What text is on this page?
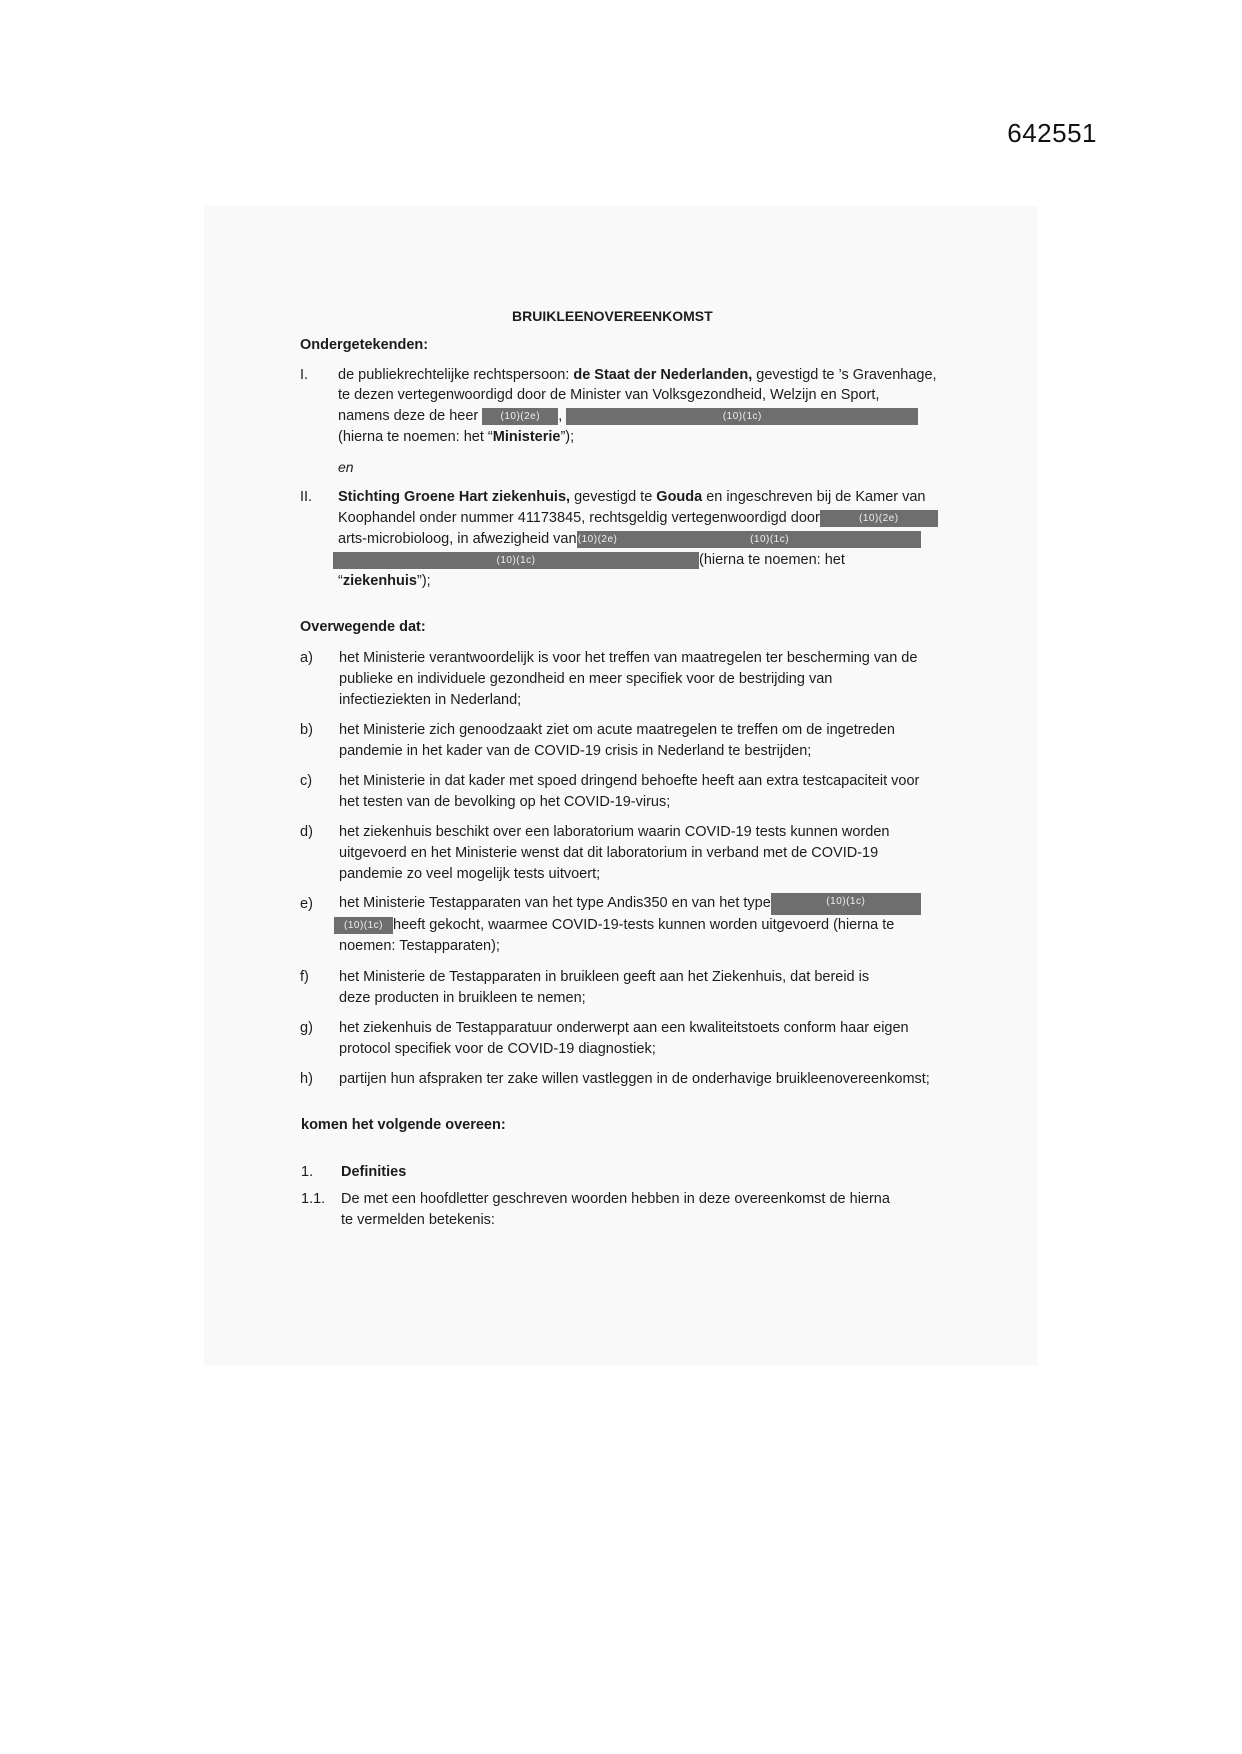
642551
BRUIKLEENOVEREENKOMST
Ondergetekenden:
I. de publiekrechtelijke rechtspersoon: de Staat der Nederlanden, gevestigd te ’s Gravenhage,
te dezen vertegenwoordigd door de Minister van Volksgezondheid, Welzijn en Sport,
namens deze de heer (10)(2e) ,	(10)(1c)
(hierna te noemen: het “Ministerie”);
en
II. Stichting Groene Hart ziekenhuis, gevestigd te Gouda en ingeschreven bij de Kamer van
Koophandel onder nummer 41173845, rechtsgeldig vertegenwoordigd door	(10)(2e)
arts-microbioloog, in afwezigheid van(10)(2e)	(10)(1c)
(10)(1c)	(hierna te noemen: het
“ziekenhuis”);
Overwegende dat:
a) het Ministerie verantwoordelijk is voor het treffen van maatregelen ter bescherming van de publieke en individuele gezondheid en meer specifiek voor de bestrijding van infectieziekten in Nederland;
b) het Ministerie zich genoodzaakt ziet om acute maatregelen te treffen om de ingetreden pandemie in het kader van de COVID-19 crisis in Nederland te bestrijden;
c) het Ministerie in dat kader met spoed dringend behoefte heeft aan extra testcapaciteit voor het testen van de bevolking op het COVID-19-virus;
d) het ziekenhuis beschikt over een laboratorium waarin COVID-19 tests kunnen worden uitgevoerd en het Ministerie wenst dat dit laboratorium in verband met de COVID-19 pandemie zo veel mogelijk tests uitvoert;
e) het Ministerie Testapparaten van het type Andis350 en van het type	(10)(1c)
(10)(1c) heeft gekocht, waarmee COVID-19-tests kunnen worden uitgevoerd (hierna te
noemen: Testapparaten);
f) het Ministerie de Testapparaten in bruikleen geeft aan het Ziekenhuis, dat bereid is deze producten in bruikleen te nemen;
g) het ziekenhuis de Testapparatuur onderwerpt aan een kwaliteitstoets conform haar eigen protocol specifiek voor de COVID-19 diagnostiek;
h) partijen hun afspraken ter zake willen vastleggen in de onderhavige bruikleenovereenkomst;
komen het volgende overeen:
1. Definities
1.1. De met een hoofdletter geschreven woorden hebben in deze overeenkomst de hierna te vermelden betekenis:
